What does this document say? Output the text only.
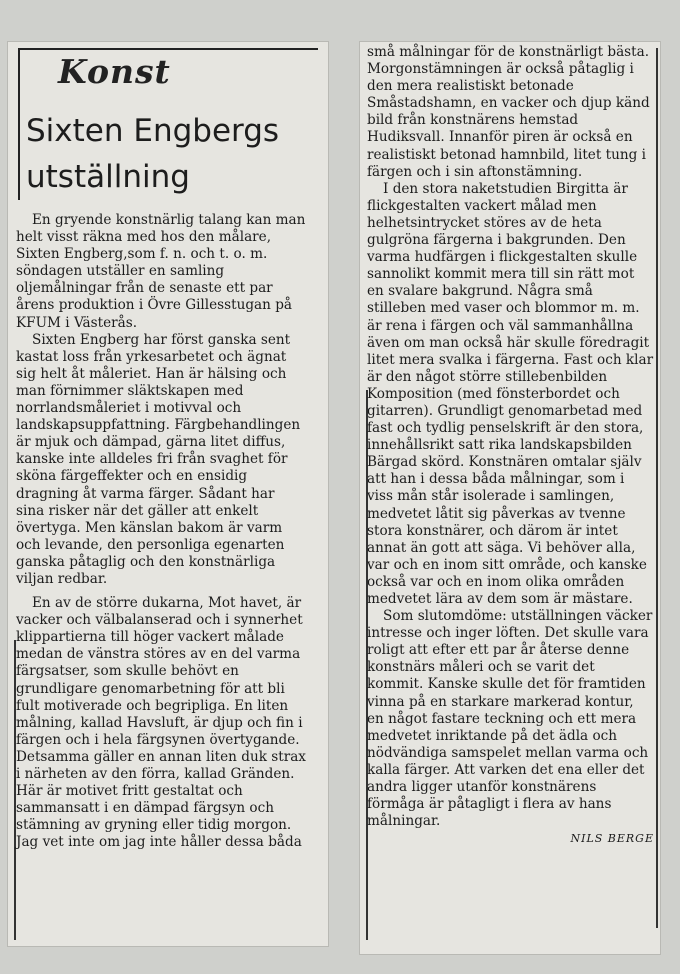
Konst
Sixten Engbergs
utställning

En gryende konstnärlig talang kan man helt visst räkna med hos den målare, Sixten Engberg,som f. n. och t. o. m. söndagen utställer en samling oljemålningar från de senaste ett par årens produktion i Övre Gillesstugan på KFUM i Västerås.

Sixten Engberg har först ganska sent kastat loss från yrkesarbetet och ägnat sig helt åt måleriet. Han är hälsing och man förnimmer släktskapen med norrlandsmåleriet i motivval och landskapsuppfattning. Färgbehandlingen är mjuk och dämpad, gärna litet diffus, kanske inte alldeles fri från svaghet för sköna färgeffekter och en ensidig dragning åt varma färger. Sådant har sina risker när det gäller att enkelt övertyga. Men känslan bakom är varm och levande, den personliga egenarten ganska påtaglig och den konstnärliga viljan redbar.

En av de större dukarna, Mot havet, är vacker och välbalanserad och i synnerhet klippartierna till höger vackert målade medan de vänstra störes av en del varma färgsatser, som skulle behövt en grundligare genomarbetning för att bli fult motiverade och begripliga. En liten målning, kallad Havsluft, är djup och fin i färgen och i hela färgsynen övertygande. Detsamma gäller en annan liten duk strax i närheten av den förra, kallad Gränden. Här är motivet fritt gestaltat och sammansatt i en dämpad färgsyn och stämning av gryning eller tidig morgon. Jag vet inte om jag inte håller dessa båda

små målningar för de konstnärligt bästa. Morgonstämningen är också påtaglig i den mera realistiskt betonade Småstadshamn, en vacker och djup känd bild från konstnärens hemstad Hudiksvall. Innanför piren är också en realistiskt betonad hamnbild, litet tung i färgen och i sin aftonstämning.

I den stora naketstudien Birgitta är flickgestalten vackert målad men helhetsintrycket störes av de heta gulgröna färgerna i bakgrunden. Den varma hudfärgen i flickgestalten skulle sannolikt kommit mera till sin rätt mot en svalare bakgrund. Några små stilleben med vaser och blommor m. m. är rena i färgen och väl sammanhållna även om man också här skulle föredragit litet mera svalka i färgerna. Fast och klar är den något större stillebenbilden Komposition (med fönsterbordet och gitarren). Grundligt genomarbetad med fast och tydlig penselskrift är den stora, innehållsrikt satt rika landskapsbilden Bärgad skörd. Konstnären omtalar själv att han i dessa båda målningar, som i viss mån står isolerade i samlingen, medvetet låtit sig påverkas av tvenne stora konstnärer, och därom är intet annat än gott att säga. Vi behöver alla, var och en inom sitt område, och kanske också var och en inom olika områden medvetet lära av dem som är mästare.

Som slutomdöme: utställningen väcker intresse och inger löften. Det skulle vara roligt att efter ett par år återse denne konstnärs måleri och se varit det kommit. Kanske skulle det för framtiden vinna på en starkare markerad kontur, en något fastare teckning och ett mera medvetet inriktande på det ädla och nödvändiga samspelet mellan varma och kalla färger. Att varken det ena eller det andra ligger utanför konstnärens förmåga är påtagligt i flera av hans målningar.

NILS BERGE
